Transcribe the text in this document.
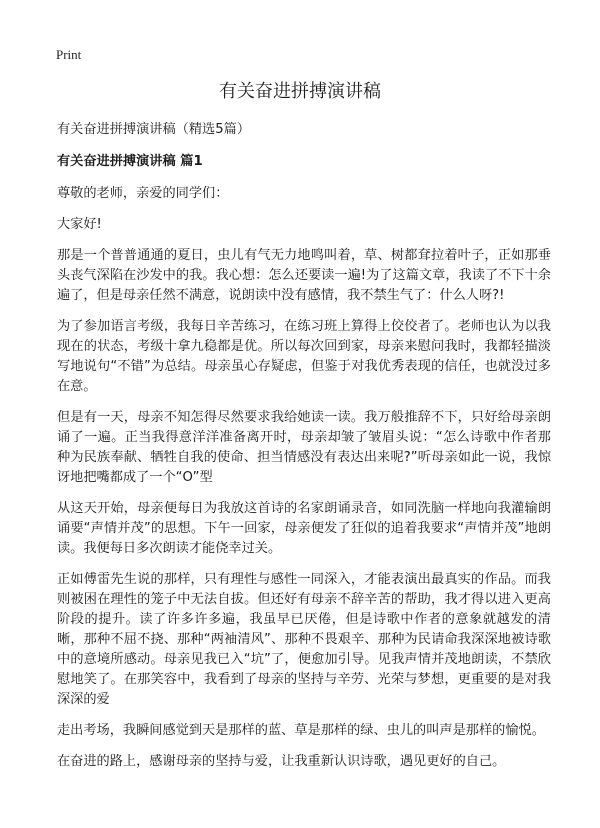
Print
有关奋进拼搏演讲稿

有关奋进拼搏演讲稿（精选5篇）

有关奋进拼搏演讲稿 篇1

尊敬的老师，亲爱的同学们：

大家好!

那是一个普普通通的夏日，虫儿有气无力地鸣叫着，草、树都耷拉着叶子，正如那垂头丧气深陷在沙发中的我。我心想：怎么还要读一遍!为了这篇文章，我读了不下十余遍了，但是母亲任然不满意，说朗读中没有感情，我不禁生气了：什么人呀?!

为了参加语言考级，我每日辛苦练习，在练习班上算得上佼佼者了。老师也认为以我现在的状态，考级十拿九稳都是优。所以每次回到家，母亲来慰问我时，我都轻描淡写地说句“不错”为总结。母亲虽心存疑虑，但鉴于对我优秀表现的信任，也就没过多在意。

但是有一天，母亲不知怎得尽然要求我给她读一读。我万般推辞不下，只好给母亲朗诵了一遍。正当我得意洋洋准备离开时，母亲却皱了皱眉头说：“怎么诗歌中作者那种为民族奉献、牺牲自我的使命、担当情感没有表达出来呢?”听母亲如此一说，我惊讶地把嘴都成了一个“O”型

从这天开始，母亲便每日为我放这首诗的名家朗诵录音，如同洗脑一样地向我灌输朗诵要“声情并茂”的思想。下午一回家，母亲便发了狂似的追着我要求“声情并茂”地朗读。我便每日多次朗读才能侥幸过关。

正如傅雷先生说的那样，只有理性与感性一同深入，才能表演出最真实的作品。而我则被困在理性的笼子中无法自拔。但还好有母亲不辞辛苦的帮助，我才得以进入更高阶段的提升。读了许多许多遍，我虽早已厌倦，但是诗歌中作者的意象就越发的清晰，那种不屈不挠、那种“两袖清风”、那种不畏艰辛、那种为民请命我深深地被诗歌中的意境所感动。母亲见我已入“坑”了，便愈加引导。见我声情并茂地朗读，不禁欣慰地笑了。在那笑容中，我看到了母亲的坚持与辛劳、光荣与梦想，更重要的是对我深深的爱

走出考场，我瞬间感觉到天是那样的蓝、草是那样的绿、虫儿的叫声是那样的愉悦。

在奋进的路上，感谢母亲的坚持与爱，让我重新认识诗歌，遇见更好的自己。
